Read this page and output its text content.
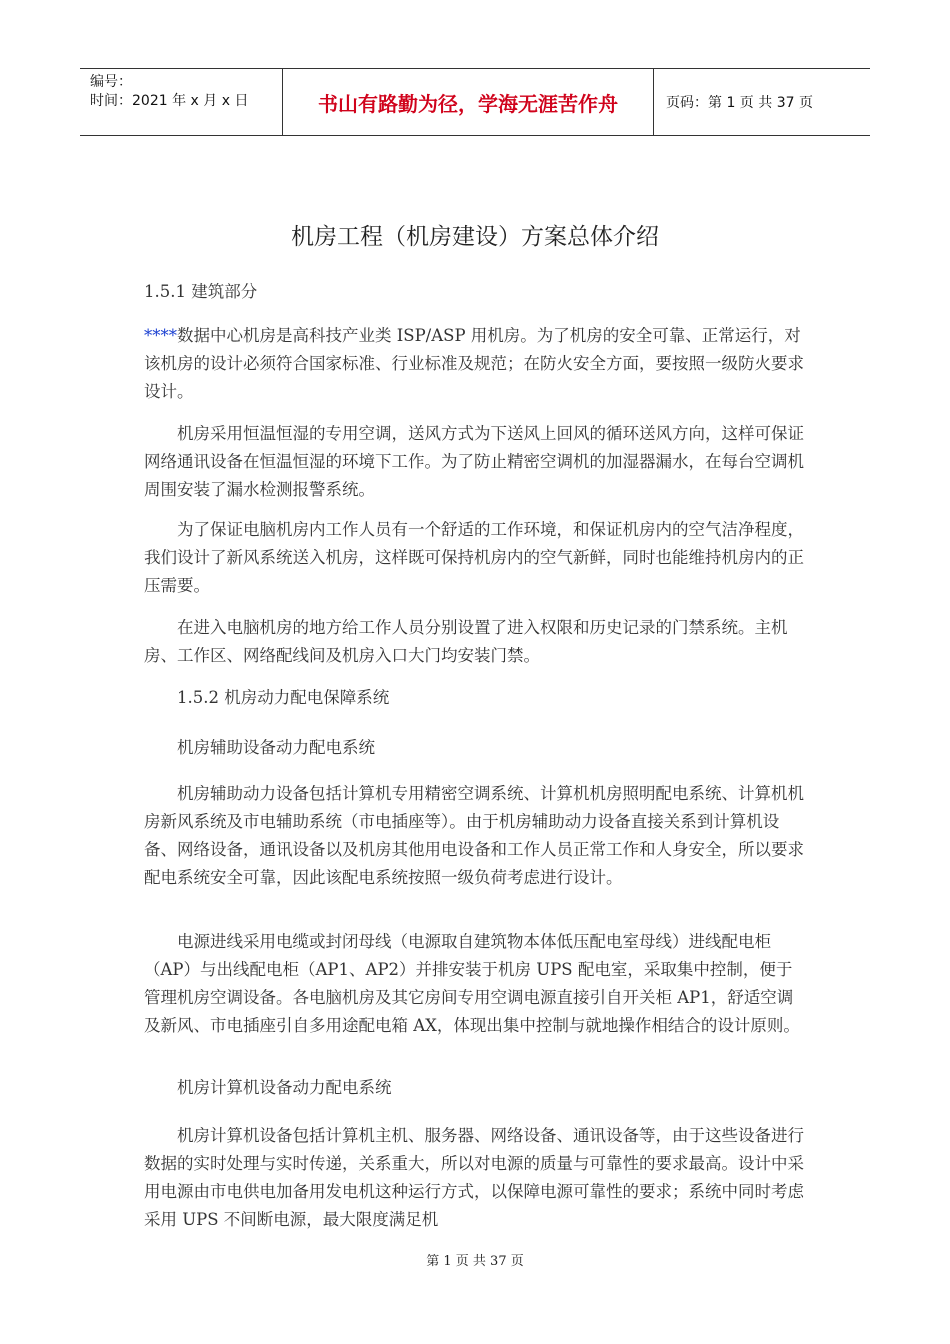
编号：
时间：2021 年 x 月 x 日	书山有路勤为径，学海无涯苦作舟	页码：第 1 页 共 37 页
机房工程（机房建设）方案总体介绍

1.5.1 建筑部分

****数据中心机房是高科技产业类 ISP/ASP 用机房。为了机房的安全可靠、正常运行，对该机房的设计必须符合国家标准、行业标准及规范；在防火安全方面，要按照一级防火要求设计。

机房采用恒温恒湿的专用空调，送风方式为下送风上回风的循环送风方向，这样可保证网络通讯设备在恒温恒湿的环境下工作。为了防止精密空调机的加湿器漏水，在每台空调机周围安装了漏水检测报警系统。

为了保证电脑机房内工作人员有一个舒适的工作环境，和保证机房内的空气洁净程度，我们设计了新风系统送入机房，这样既可保持机房内的空气新鲜，同时也能维持机房内的正压需要。

在进入电脑机房的地方给工作人员分别设置了进入权限和历史记录的门禁系统。主机房、工作区、网络配线间及机房入口大门均安装门禁。

1.5.2 机房动力配电保障系统

机房辅助设备动力配电系统

机房辅助动力设备包括计算机专用精密空调系统、计算机机房照明配电系统、计算机机房新风系统及市电辅助系统（市电插座等）。由于机房辅助动力设备直接关系到计算机设备、网络设备，通讯设备以及机房其他用电设备和工作人员正常工作和人身安全，所以要求配电系统安全可靠，因此该配电系统按照一级负荷考虑进行设计。

电源进线采用电缆或封闭母线（电源取自建筑物本体低压配电室母线）进线配电柜（AP）与出线配电柜（AP1、AP2）并排安装于机房 UPS 配电室，采取集中控制，便于管理机房空调设备。各电脑机房及其它房间专用空调电源直接引自开关柜 AP1，舒适空调及新风、市电插座引自多用途配电箱 AX，体现出集中控制与就地操作相结合的设计原则。

机房计算机设备动力配电系统

机房计算机设备包括计算机主机、服务器、网络设备、通讯设备等，由于这些设备进行数据的实时处理与实时传递，关系重大，所以对电源的质量与可靠性的要求最高。设计中采用电源由市电供电加备用发电机这种运行方式，以保障电源可靠性的要求；系统中同时考虑采用 UPS 不间断电源，最大限度满足机

第 1 页 共 37 页
